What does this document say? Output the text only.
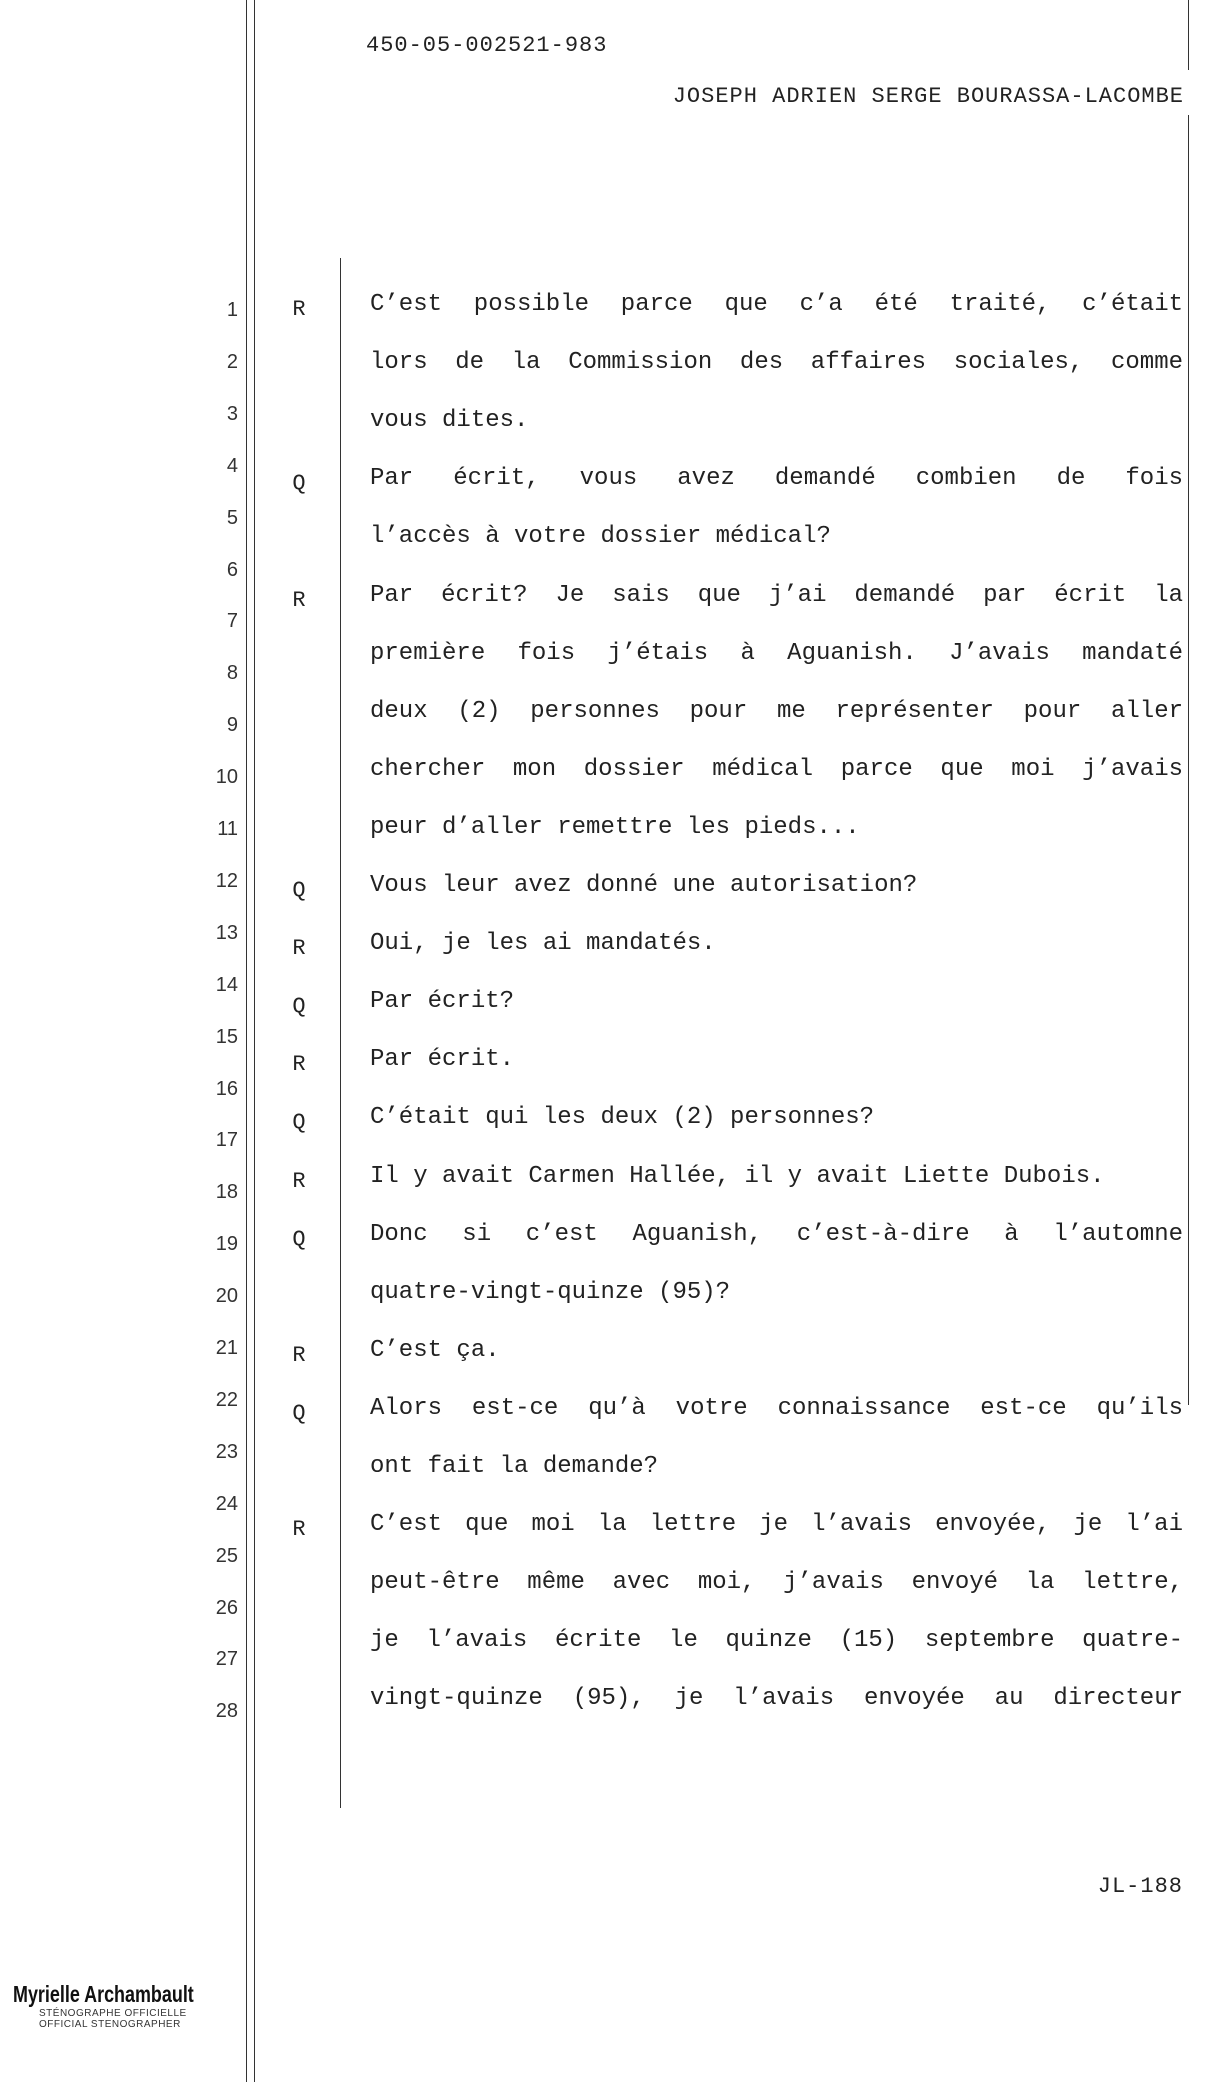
450-05-002521-983
JOSEPH ADRIEN SERGE BOURASSA-LACOMBE
1
2
3
4
5
6
7
8
9
10
11
12
13
14
15
16
17
18
19
20
21
22
23
24
25
26
27
28
R	C’est possible parce que c’a été traité, c’était
lors de la Commission des affaires sociales, comme
vous dites.
Q	Par écrit, vous avez demandé combien de fois
l’accès à votre dossier médical?
R	Par écrit? Je sais que j’ai demandé par écrit la
première fois j’étais à Aguanish. J’avais mandaté
deux (2) personnes pour me représenter pour aller
chercher mon dossier médical parce que moi j’avais
peur d’aller remettre les pieds...
Q	Vous leur avez donné une autorisation?
R	Oui, je les ai mandatés.
Q	Par écrit?
R	Par écrit.
Q	C’était qui les deux (2) personnes?
R	Il y avait Carmen Hallée, il y avait Liette Dubois.
Q	Donc si c’est Aguanish, c’est-à-dire à l’automne
quatre-vingt-quinze (95)?
R	C’est ça.
Q	Alors est-ce qu’à votre connaissance est-ce qu’ils
ont fait la demande?
R	C’est que moi la lettre je l’avais envoyée, je l’ai
peut-être même avec moi, j’avais envoyé la lettre,
je l’avais écrite le quinze (15) septembre quatre-
vingt-quinze (95), je l’avais envoyée au directeur
JL-188
Myrielle Archambault
STÉNOGRAPHE OFFICIELLE
OFFICIAL STENOGRAPHER
